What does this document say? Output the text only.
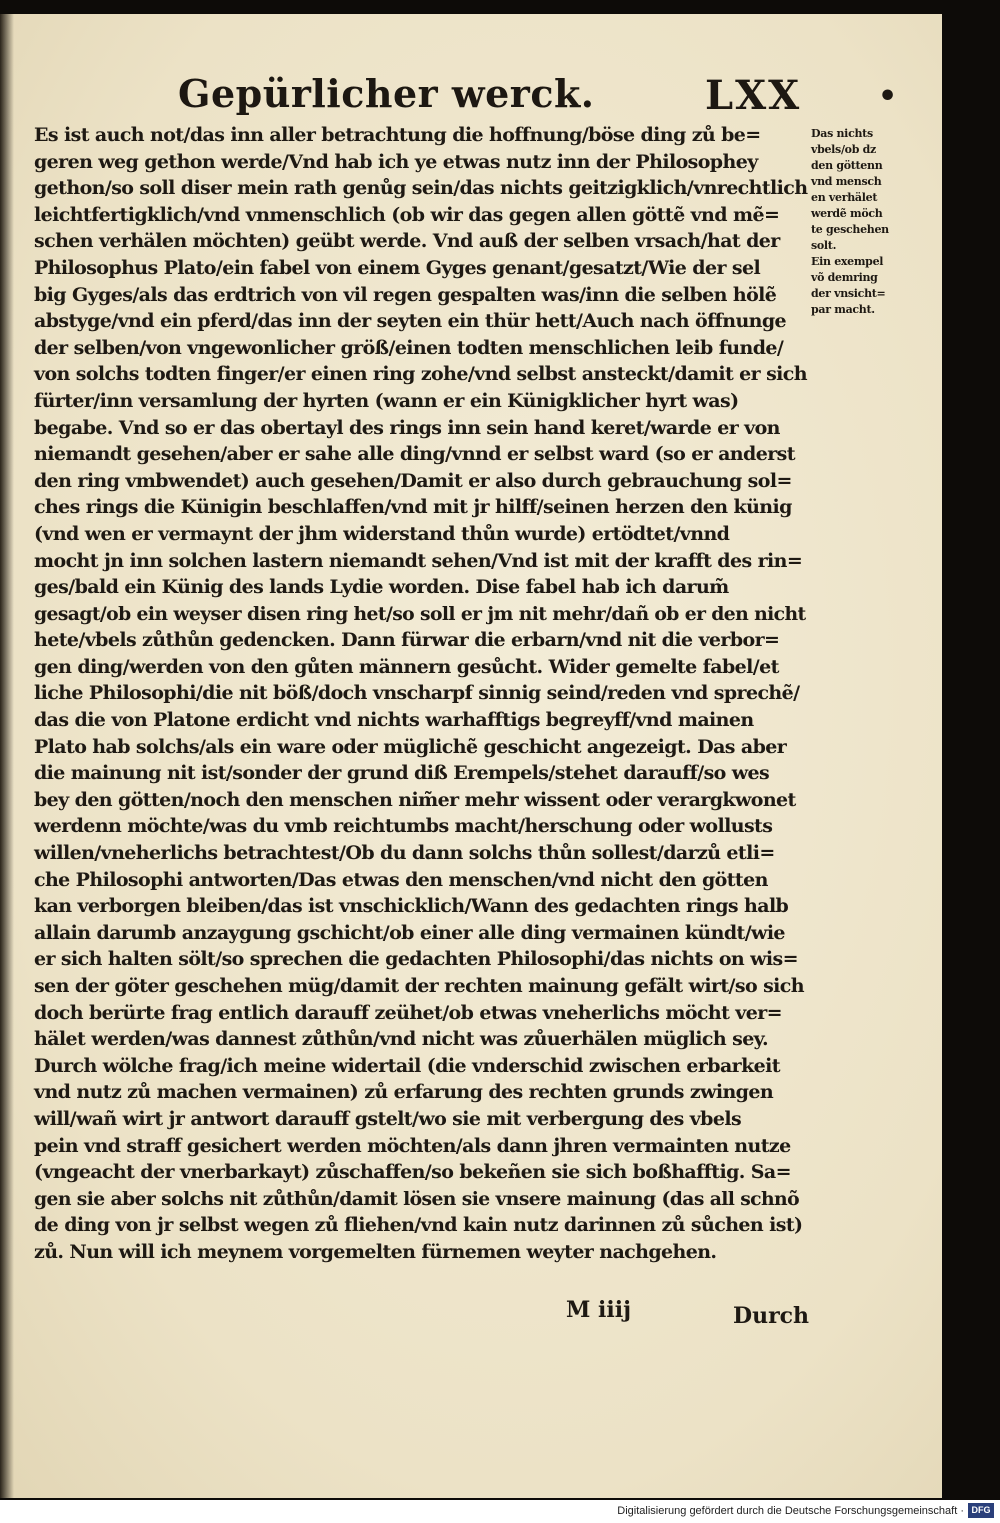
Gepürlicher werck.	LXX	•
Es ist auch not/das inn aller betrachtung die hoffnung/böse ding zů be=
geren weg gethon werde/Vnd hab ich ye etwas nutz inn der Philosophey
gethon/so soll diser mein rath genůg sein/das nichts geitzigklich/vnrechtlich
leichtfertigklich/vnd vnmenschlich (ob wir das gegen allen göttẽ vnd mẽ=
schen verhälen möchten) geübt werde. Vnd auß der selben vrsach/hat der
Philosophus Plato/ein fabel von einem Gyges genant/gesatzt/Wie der sel
big Gyges/als das erdtrich von vil regen gespalten was/inn die selben hölẽ
abstyge/vnd ein pferd/das inn der seyten ein thür hett/Auch nach öffnunge
der selben/von vngewonlicher größ/einen todten menschlichen leib funde/
von solchs todten finger/er einen ring zohe/vnd selbst ansteckt/damit er sich
fürter/inn versamlung der hyrten (wann er ein Künigklicher hyrt was)
begabe. Vnd so er das obertayl des rings inn sein hand keret/warde er von
niemandt gesehen/aber er sahe alle ding/vnnd er selbst ward (so er anderst
den ring vmbwendet) auch gesehen/Damit er also durch gebrauchung sol=
ches rings die Künigin beschlaffen/vnd mit jr hilff/seinen herzen den künig
(vnd wen er vermaynt der jhm widerstand thůn wurde) ertödtet/vnnd
mocht jn inn solchen lastern niemandt sehen/Vnd ist mit der krafft des rin=
ges/bald ein Künig des lands Lydie worden. Dise fabel hab ich darum̃
gesagt/ob ein weyser disen ring het/so soll er jm nit mehr/dañ ob er den nicht
hete/vbels zůthůn gedencken. Dann fürwar die erbarn/vnd nit die verbor=
gen ding/werden von den gůten männern gesůcht. Wider gemelte fabel/et
liche Philosophi/die nit böß/doch vnscharpf sinnig seind/reden vnd sprechẽ/
das die von Platone erdicht vnd nichts warhafftigs begreyff/vnd mainen
Plato hab solchs/als ein ware oder müglichẽ geschicht angezeigt. Das aber
die mainung nit ist/sonder der grund diß Erempels/stehet darauff/so wes
bey den götten/noch den menschen nim̃er mehr wissent oder verargkwonet
werdenn möchte/was du vmb reichtumbs macht/herschung oder wollusts
willen/vneherlichs betrachtest/Ob du dann solchs thůn sollest/darzů etli=
che Philosophi antworten/Das etwas den menschen/vnd nicht den götten
kan verborgen bleiben/das ist vnschicklich/Wann des gedachten rings halb
allain darumb anzaygung gschicht/ob einer alle ding vermainen kündt/wie
er sich halten sölt/so sprechen die gedachten Philosophi/das nichts on wis=
sen der göter geschehen müg/damit der rechten mainung gefält wirt/so sich
doch berürte frag entlich darauff zeühet/ob etwas vneherlichs möcht ver=
hälet werden/was dannest zůthůn/vnd nicht was zůuerhälen müglich sey.
Durch wölche frag/ich meine widertail (die vnderschid zwischen erbarkeit
vnd nutz zů machen vermainen) zů erfarung des rechten grunds zwingen
will/wañ wirt jr antwort darauff gstelt/wo sie mit verbergung des vbels
pein vnd straff gesichert werden möchten/als dann jhren vermainten nutze
(vngeacht der vnerbarkayt) zůschaffen/so bekeñen sie sich boßhafftig. Sa=
gen sie aber solchs nit zůthůn/damit lösen sie vnsere mainung (das all schnõ
de ding von jr selbst wegen zů fliehen/vnd kain nutz darinnen zů sůchen ist)
zů. Nun will ich meynem vorgemelten fürnemen weyter nachgehen.
Das nichts
vbels/ob dz
den göttenn
vnd mensch
en verhälet
werdẽ möch
te geschehen
solt.
Ein exempel
võ demring
der vnsicht=
par macht.
M iiij	Durch
Digitalisierung gefördert durch die Deutsche Forschungsgemeinschaft · DFG
